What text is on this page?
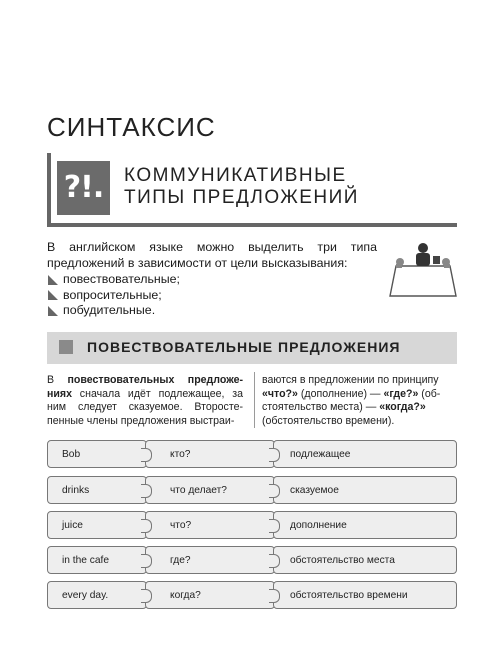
СИНТАКСИС
?!.	КОММУНИКАТИВНЫЕ
ТИПЫ ПРЕДЛОЖЕНИЙ
В английском языке можно выделить три типа предложений в зависимости от цели высказывания:
повествовательные;
вопросительные;
побудительные.
ПОВЕСТВОВАТЕЛЬНЫЕ ПРЕДЛОЖЕНИЯ
В повествовательных предложениях сначала идёт подлежащее, за ним следует сказуемое. Второстепенные члены предложения выстраи-
ваются в предложении по принципу «что?» (дополнение) — «где?» (обстоятельство места) — «когда?» (обстоятельство времени).
Bob	кто?	подлежащее
drinks	что делает?	сказуемое
juice	что?	дополнение
in the cafe	где?	обстоятельство места
every day.	когда?	обстоятельство времени
